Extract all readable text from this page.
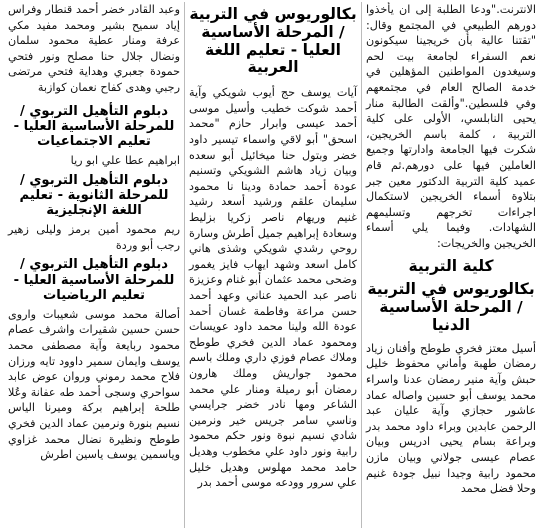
الانترنت."ودعا الطلبة إلى ان يأخذوا دورهم الطبيعي في المجتمع وقال: "تقتنا عالية بأن خريجينا سيكونون نعم السفراء لجامعة بيت لحم وسيغدون المواطنين المؤهلين في خدمة الصالح العام في مجتمعهم وفي فلسطين."وألقت الطالبة منار يحيى النابلسي، الأولى على كلية التربية ، كلمة باسم الخريجين، شكرت فيها الجامعة وادارتها وجميع العاملين فيها على دورهم.ثم قام عميد كلية التربية الدكتور معين جبر بتلاوة أسماء الخريجين لاستكمال اجراءات تخرجهم وتسليمهم الشهادات. وفيما يلي أسماء الخريجين والخريجات:

كلية التربية
بكالوريوس في التربية / المرحلة الأساسية الدنيا

أسيل معتز فخري طوطح وأفنان زياد رمضان طهبة وأماني محفوظ خليل حبش وآية منير رمضان عدنا واسراء محمد يوسف أبو حسين واصاله عماد عاشور حجازي وآية عليان عبد الرحمن عابدين وبراء داود محمد بدر وبراعة بسام يحيى ادريس وبيان عصام عيسى جولاني وبيان مازن محمود رابية وجيدا نبيل جودة غنيم وحلا فضل محمد

بكالوريوس في التربية / المرحلة الأساسية العليا - تعليم اللغة العربية

آيات يوسف حج أيوب شويكي وآية أحمد شوكت خطيب وأسيل موسى أحمد عيسى وابرار حازم "محمد اسحق" أبو لاقي واسماء تيسير داود خضر وبتول حنا ميخائيل أبو سعده وبيان زياد هاشم الشويكي وتسنيم عودة أحمد حمادة ودينا نا محمود سليمان علقم ورشيد أسعد رشيد غنيم وريهام ناصر زكريا بزليط وسعادة إبراهيم جميل أطرش وسارة روحي رشدي شويكي وشذى هاني كامل اسعد وشهد ايهاب فايز يغمور وضحى محمد عثمان أبو غنام وعزيزة ناصر عبد الحميد عناني وعهد أحمد حسن مراعة وفاطمة غسان أحمد عودة الله ولينا محمد داود عويسات ومحمود عماد الدين فخري طوطح وملاك عصام فوزي داري وملك باسم محمود جواريش وملك هارون رمضان أبو رميلة ومنار علي محمد الشاعر ومها نادر خضر جرايسي وناسي سامر جريس خير ونرمين شادي نسيم نبوة ونور حكم محمود رابية ونور داود علي مخطوب وهديل حامد محمد مهلوس وهديل خليل علي سرور وودعه موسى أحمد بدر

وعبد القادر خضر أحمد قنطار وفراس إياد سميح بشير ومحمد مفيد مكي عرفة ومنار عطية محمود سلمان ونضال جلال حنا مصلح ونور فتحي حمودة جعبري وهداية فتحي مرتضى رجبي وهدى كفاح نعمان كوازبة

دبلوم التأهيل التربوي / للمرحلة الأساسية العليا - تعليم الاجتماعيات

ابراهيم عطا علي ابو ريا

دبلوم التأهيل التربوي / للمرحلة الثانوية - تعليم اللغة الإنجليزية

ريم محمود أمين برمز وليلى زهير رجب أبو وردة

دبلوم التأهيل التربوي / للمرحلة الأساسية العليا - تعليم الرياضيات

أصالة محمد موسى شعيبات واروى حسن حسين شقيرات واشرف عصام محمود ربايعة وآية مصطفى محمد يوسف وايمان سمير داوود تايه ورزان فلاح محمد رموني وروان عوض عابد سواحري وسجى أحمد طه عفانة وعُلا طلحة إبراهيم بركة وميرنا الياس نسيم بنورة ونرمين عماد الدين فخري طوطح ونظيرة نضال محمد غزاوي وياسمين يوسف ياسين اطرش
